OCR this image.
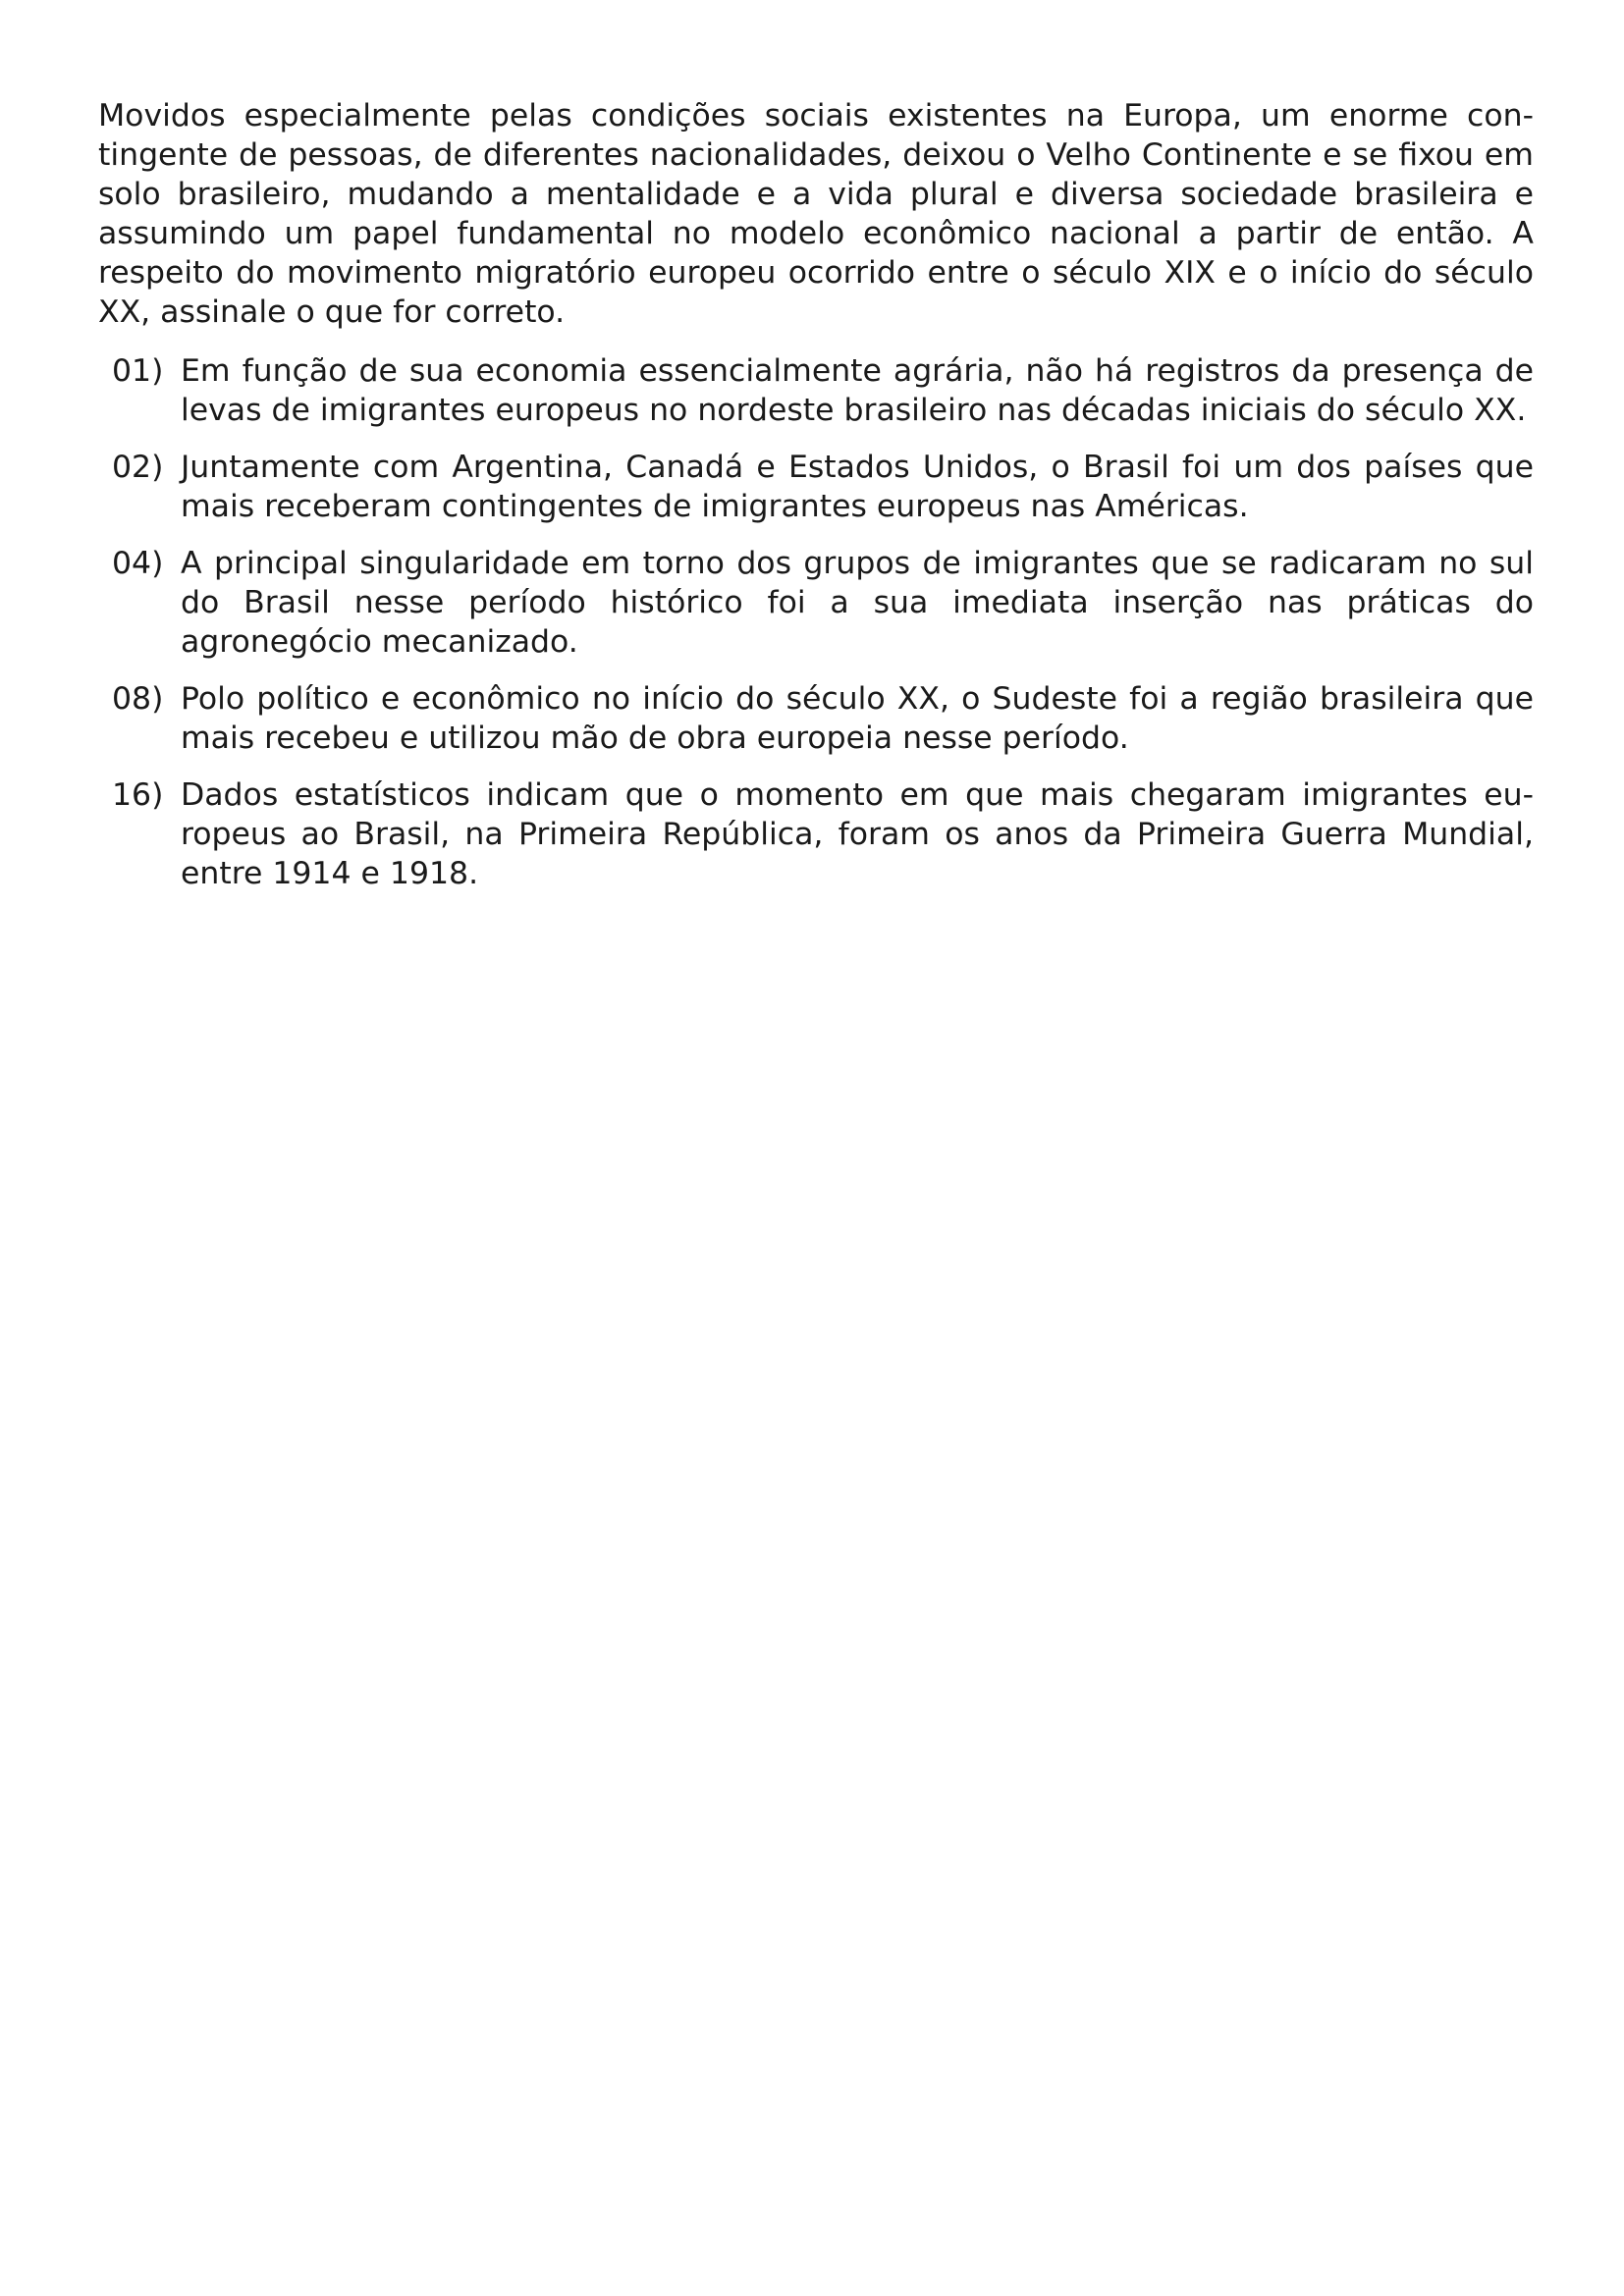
Movidos especialmente pelas condições sociais existentes na Europa, um enorme contingente de pessoas, de diferentes nacionalidades, deixou o Velho Continente e se fixou em solo brasileiro, mudando a mentalidade e a vida plural e diversa sociedade brasileira e assumindo um papel fundamental no modelo econômico nacional a partir de então. A respeito do movimento migratório europeu ocorrido entre o século XIX e o início do século XX, assinale o que for correto.

01) Em função de sua economia essencialmente agrária, não há registros da presença de levas de imigrantes europeus no nordeste brasileiro nas décadas iniciais do século XX.
02) Juntamente com Argentina, Canadá e Estados Unidos, o Brasil foi um dos países que mais receberam contingentes de imigrantes europeus nas Américas.
04) A principal singularidade em torno dos grupos de imigrantes que se radicaram no sul do Brasil nesse período histórico foi a sua imediata inserção nas práticas do agronegócio mecanizado.
08) Polo político e econômico no início do século XX, o Sudeste foi a região brasileira que mais recebeu e utilizou mão de obra europeia nesse período.
16) Dados estatísticos indicam que o momento em que mais chegaram imigrantes europeus ao Brasil, na Primeira República, foram os anos da Primeira Guerra Mundial, entre 1914 e 1918.
